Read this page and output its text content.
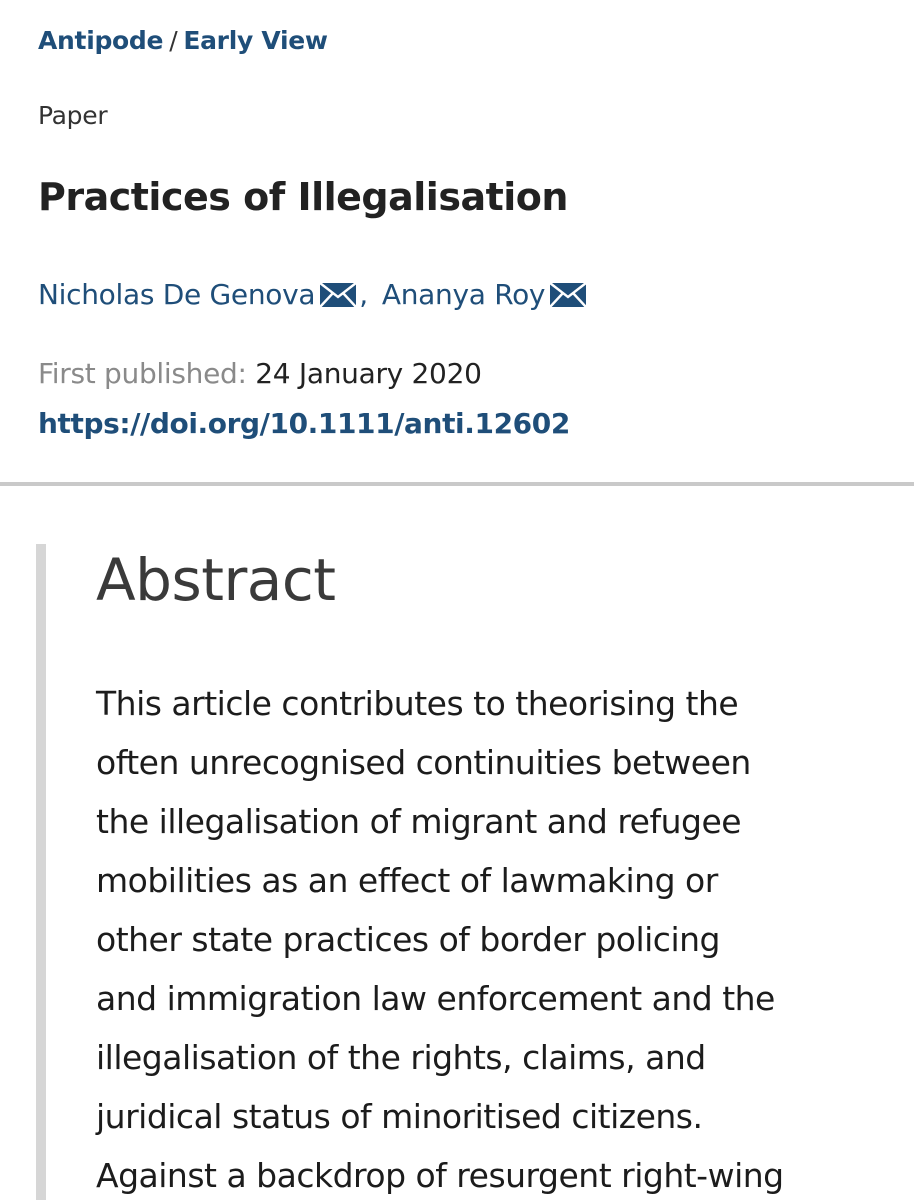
Antipode / Early View
Paper
Practices of Illegalisation
Nicholas De Genova , Ananya Roy
First published: 24 January 2020
https://doi.org/10.1111/anti.12602
Abstract
This article contributes to theorising the
often unrecognised continuities between
the illegalisation of migrant and refugee
mobilities as an effect of lawmaking or
other state practices of border policing
and immigration law enforcement and the
illegalisation of the rights, claims, and
juridical status of minoritised citizens.
Against a backdrop of resurgent right-wing
